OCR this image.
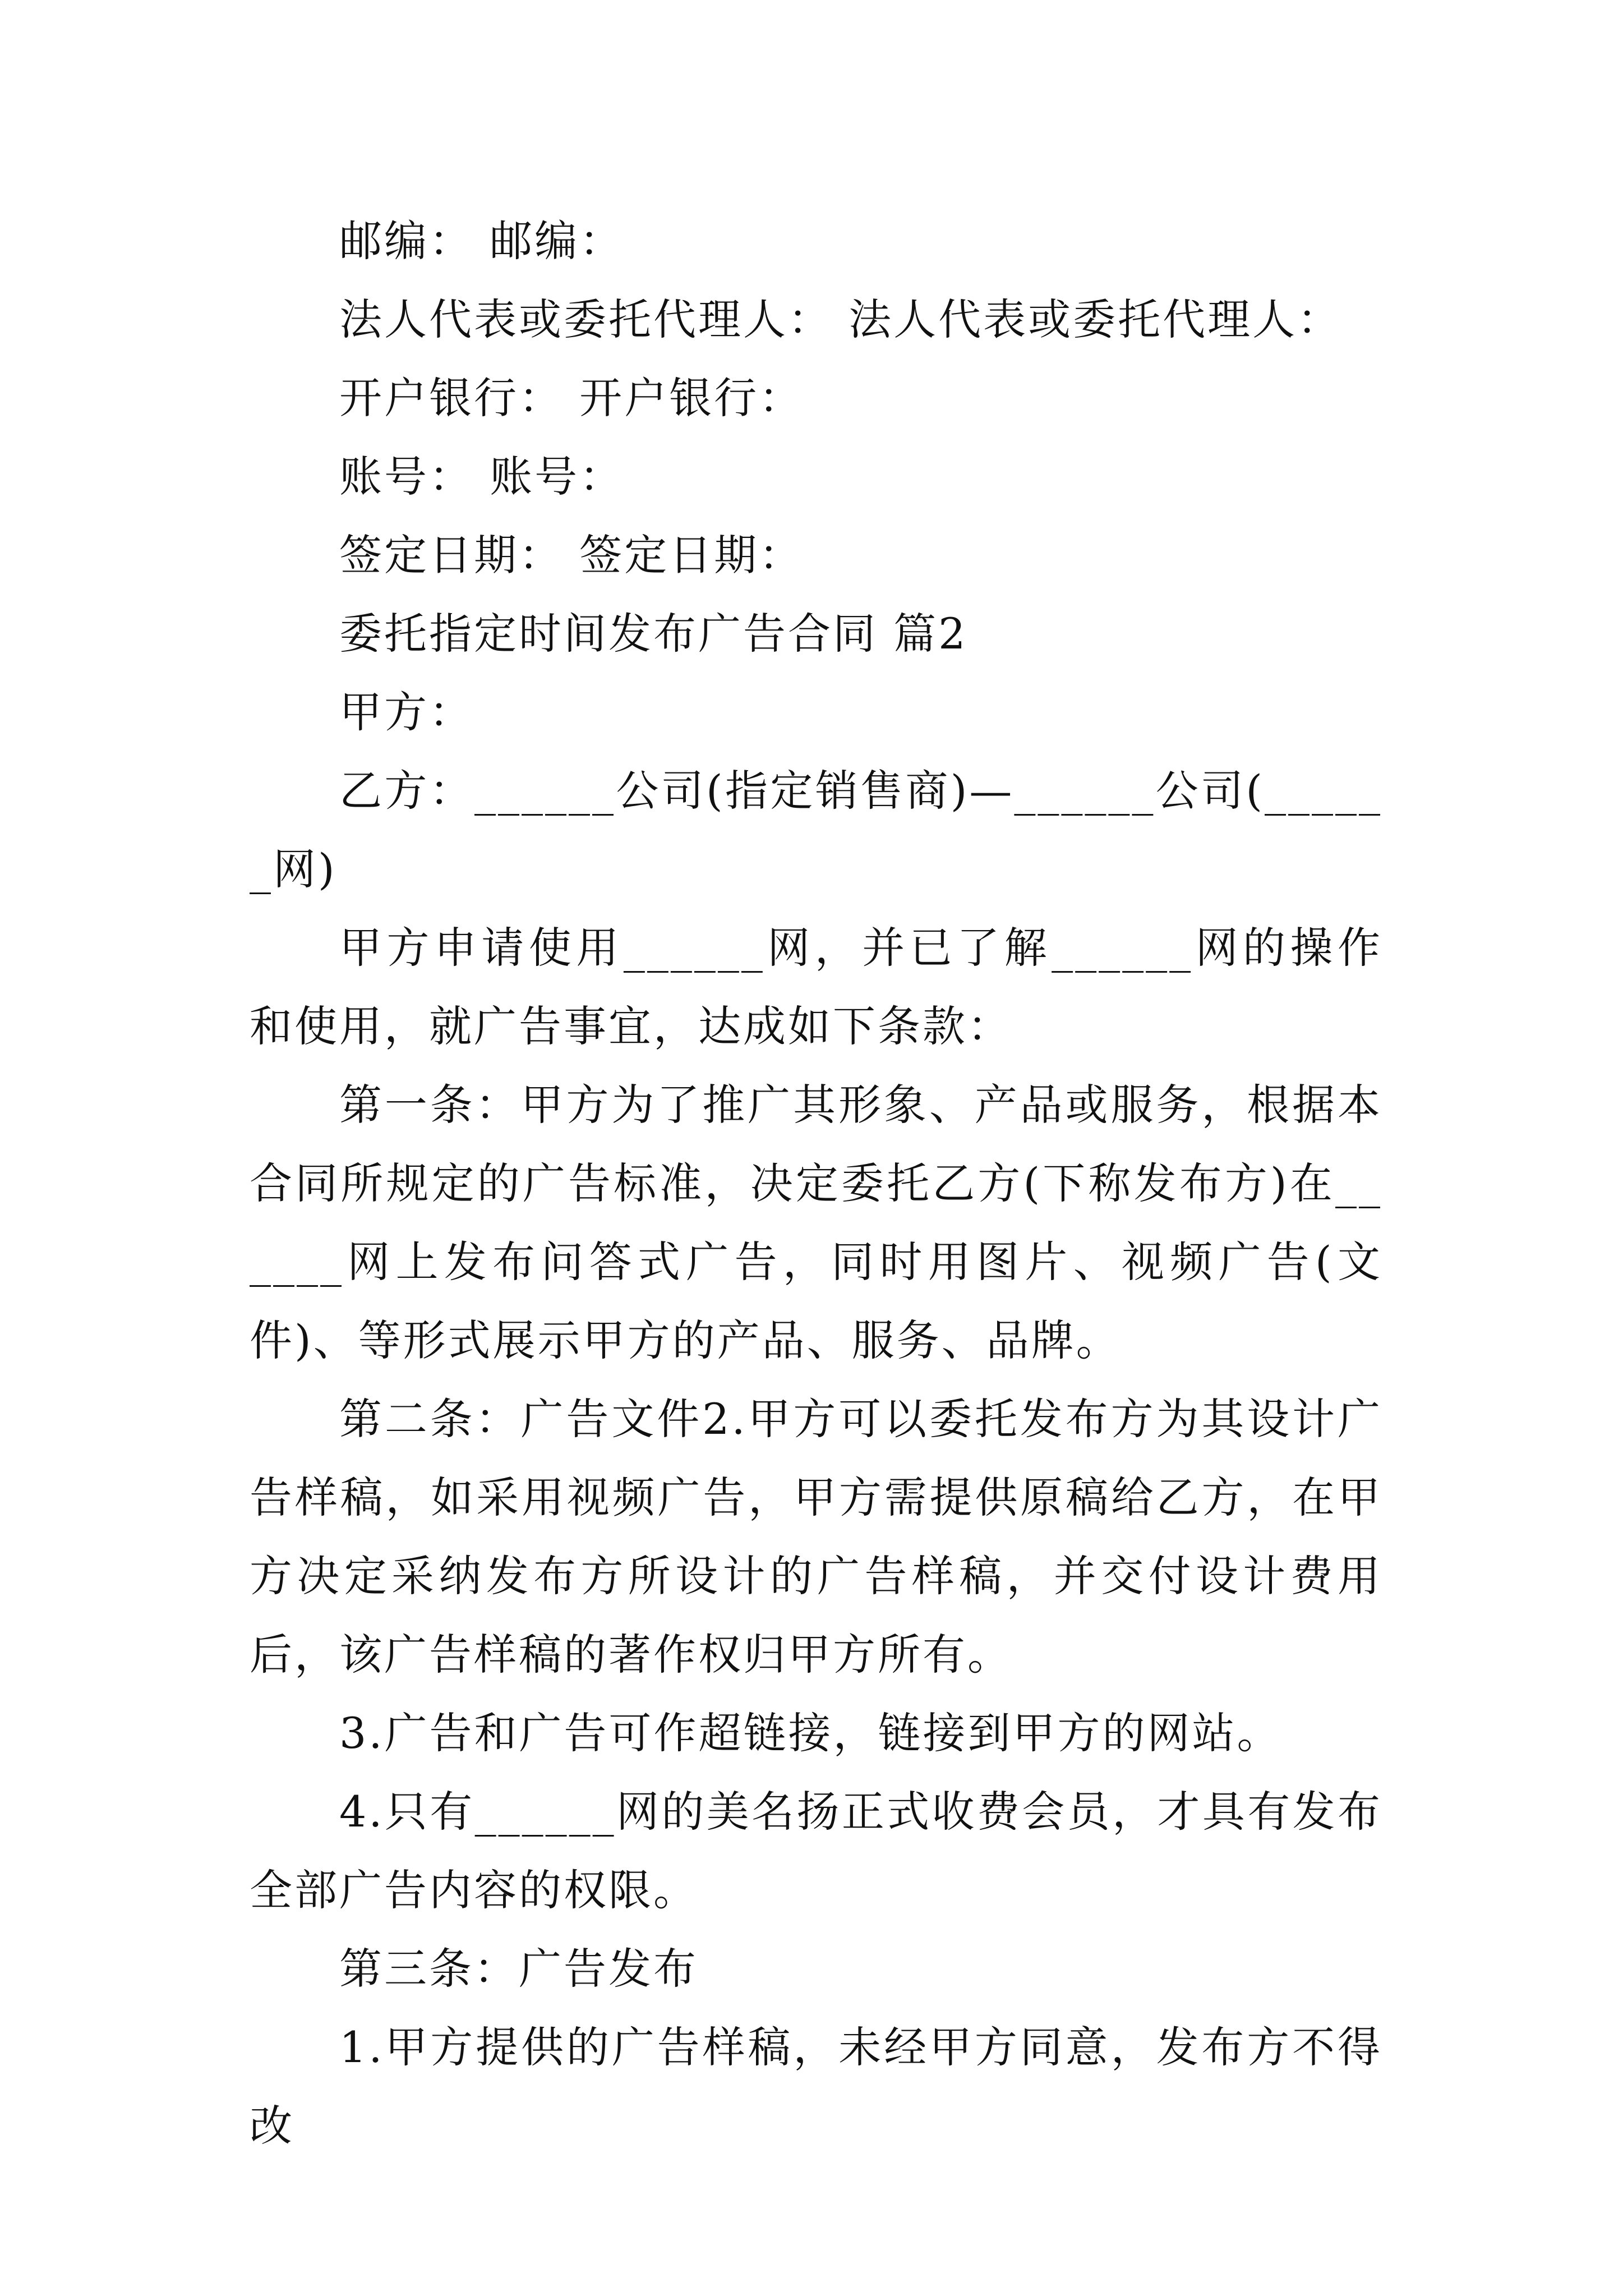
邮编： 邮编：

法人代表或委托代理人： 法人代表或委托代理人：

开户银行： 开户银行：

账号： 账号：

签定日期： 签定日期：

委托指定时间发布广告合同 篇2

甲方：

乙方：______公司(指定销售商)—______公司(______网)

甲方申请使用______网，并已了解______网的操作和使用，就广告事宜，达成如下条款：

第一条：甲方为了推广其形象、产品或服务，根据本合同所规定的广告标准，决定委托乙方(下称发布方)在______网上发布问答式广告，同时用图片、视频广告(文件)、等形式展示甲方的产品、服务、品牌。

第二条：广告文件2.甲方可以委托发布方为其设计广告样稿，如采用视频广告，甲方需提供原稿给乙方，在甲方决定采纳发布方所设计的广告样稿，并交付设计费用后，该广告样稿的著作权归甲方所有。

3.广告和广告可作超链接，链接到甲方的网站。

4.只有______网的美名扬正式收费会员，才具有发布全部广告内容的权限。

第三条：广告发布

1.甲方提供的广告样稿，未经甲方同意，发布方不得改
